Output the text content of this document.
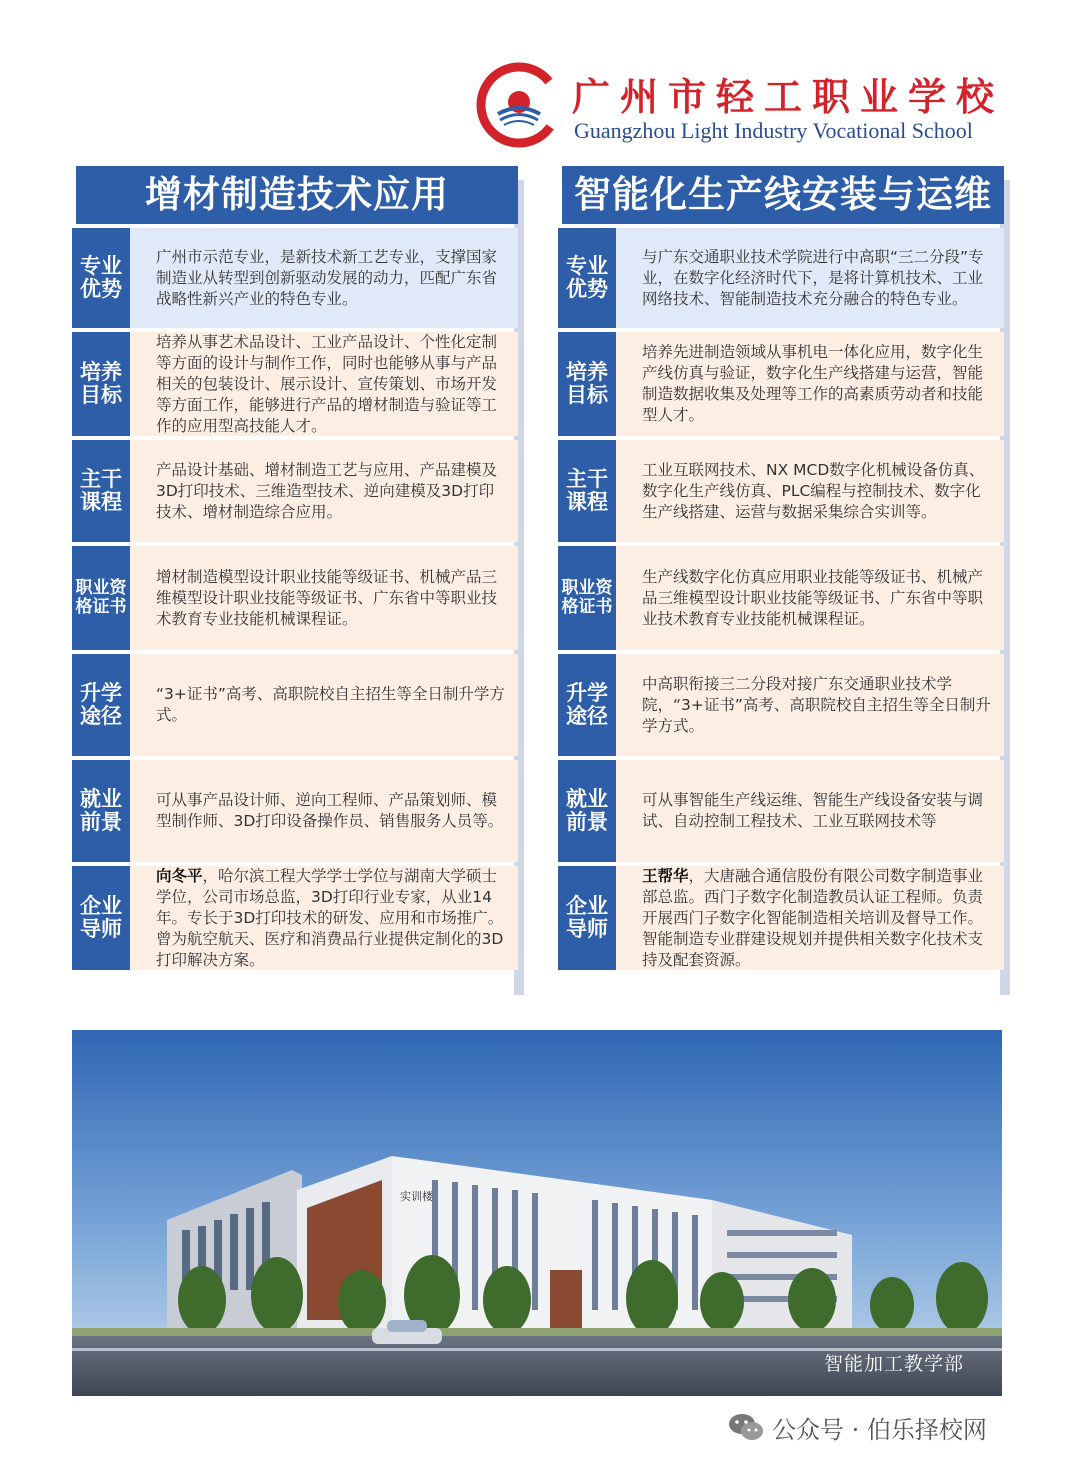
广州市轻工职业学校
Guangzhou Light Industry Vocational School
增材制造技术应用
专业优势
广州市示范专业，是新技术新工艺专业，支撑国家制造业从转型到创新驱动发展的动力，匹配广东省战略性新兴产业的特色专业。
培养目标
培养从事艺术品设计、工业产品设计、个性化定制等方面的设计与制作工作，同时也能够从事与产品相关的包装设计、展示设计、宣传策划、市场开发等方面工作，能够进行产品的增材制造与验证等工作的应用型高技能人才。
主干课程
产品设计基础、增材制造工艺与应用、产品建模及3D打印技术、三维造型技术、逆向建模及3D打印技术、增材制造综合应用。
职业资格证书
增材制造模型设计职业技能等级证书、机械产品三维模型设计职业技能等级证书、广东省中等职业技术教育专业技能机械课程证。
升学途径
“3+证书”高考、高职院校自主招生等全日制升学方式。
就业前景
可从事产品设计师、逆向工程师、产品策划师、模型制作师、3D打印设备操作员、销售服务人员等。
企业导师
向冬平，哈尔滨工程大学学士学位与湖南大学硕士学位，公司市场总监，3D打印行业专家，从业14年。专长于3D打印技术的研发、应用和市场推广。曾为航空航天、医疗和消费品行业提供定制化的3D打印解决方案。
智能化生产线安装与运维
专业优势
与广东交通职业技术学院进行中高职“三二分段”专业，在数字化经济时代下，是将计算机技术、工业网络技术、智能制造技术充分融合的特色专业。
培养目标
培养先进制造领域从事机电一体化应用，数字化生产线仿真与验证，数字化生产线搭建与运营，智能制造数据收集及处理等工作的高素质劳动者和技能型人才。
主干课程
工业互联网技术、NX MCD数字化机械设备仿真、数字化生产线仿真、PLC编程与控制技术、数字化生产线搭建、运营与数据采集综合实训等。
职业资格证书
生产线数字化仿真应用职业技能等级证书、机械产品三维模型设计职业技能等级证书、广东省中等职业技术教育专业技能机械课程证。
升学途径
中高职衔接三二分段对接广东交通职业技术学院，“3+证书”高考、高职院校自主招生等全日制升学方式。
就业前景
可从事智能生产线运维、智能生产线设备安装与调试、自动控制工程技术、工业互联网技术等
企业导师
王帮华，大唐融合通信股份有限公司数字制造事业部总监。西门子数字化制造教员认证工程师。负责开展西门子数字化智能制造相关培训及督导工作。智能制造专业群建设规划并提供相关数字化技术支持及配套资源。
实训楼
智能加工教学部
公众号 · 伯乐择校网
